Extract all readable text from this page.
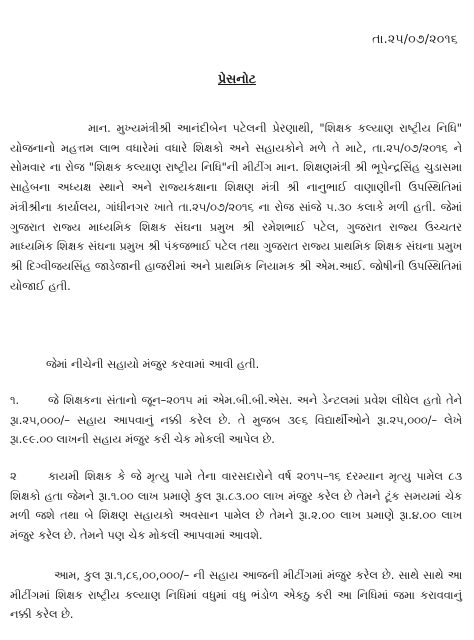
તા.૨૫/૦૭/૨૦૧૬
પ્રેસનોટ

માન. મુખ્યમંત્રીશ્રી આનંદીબેન પટેલની પ્રેરણાથી, "શિક્ષક કલ્યાણ રાષ્ટ્રીય નિધિ" યોજનાનો મહત્તમ લાભ વધારેમાં વધારે શિક્ષકો અને સહાયકોને મળે તે માટે, તા.૨૫/૦૭/૨૦૧૬ ને સોમવાર ના રોજ "શિક્ષક કલ્યાણ રાષ્ટ્રીય નિધિ"ની મીટીંગ માન. શિક્ષણમંત્રી શ્રી ભૂપેન્દ્રસિંહ ચુડાસમા સાહેબના અધ્યક્ષ સ્થાને અને રાજ્યકક્ષાના શિક્ષણ મંત્રી શ્રી નાનુભાઈ વાણાણીની ઉપસ્થિતિમાં મંત્રીશ્રીના કાર્યાલય, ગાંધીનગર ખાતે તા.૨૫/૦૭/૨૦૧૬ ના રોજ સાંજે ૫.૩૦ કલાકે મળી હતી. જેમાં ગુજરાત રાજ્ય માધ્યમિક શિક્ષક સંઘના પ્રમુખ શ્રી રમેશભાઈ પટેલ, ગુજરાત રાજ્ય ઉચ્ચતર માધ્યમિક શિક્ષક સંઘના પ્રમુખ શ્રી પંકજભાઈ પટેલ તથા ગુજરાત રાજ્ય પ્રાથમિક શિક્ષક સંઘના પ્રમુખ શ્રી દિગ્વીજયસિંહ જાડેજાની હાજરીમાં અને પ્રાથમિક નિયામક શ્રી એમ.આઈ. જોષીની ઉપસ્થિતિમાં યોજાઈ હતી.

જેમાં નીચેની સહાયો મંજુર કરવામાં આવી હતી.

૧.	જે શિક્ષકના સંતાનો જૂન–૨૦૧૫ માં એમ.બી.બી.એસ. અને ડેન્ટલમાં પ્રવેશ લીધેલ હતો તેને રૂા.૨૫,૦૦૦/– સહાય આપવાનું નક્કી કરેલ છે. તે મુજબ ૩૯૬ વિદ્યાર્થીઓને રૂા.૨૫,૦૦૦/– લેખે રૂા.૯૯.૦૦ લાખની સહાય મંજુર કરી ચેક મોકલી આપેલ છે.
૨	કાયમી શિક્ષક કે જે મૃત્યુ પામે તેના વારસદારોને વર્ષ ૨૦૧૫–૧૬ દરમ્યાન મૃત્યુ પામેલ ૮૩ શિક્ષકો હતા જેમને રૂા.૧.૦૦ લાખ પ્રમાણે કુલ રૂા.૮૩.૦૦ લાખ મંજુર કરેલ છે તેમને ટૂંક સમયમાં ચેક મળી જશે તથા બે શિક્ષણ સહાયકો અવસાન પામેલ છે તેમને રૂા.૨.૦૦ લાખ પ્રમાણે રૂા.૪.૦૦ લાખ મંજુર કરેલ છે. તેમને પણ ચેક મોકલી આપવામાં આવશે.

આમ, કુલ રૂા.૧,૮૬,૦૦,૦૦૦/– ની સહાય આજની મીટીંગમાં મંજુર કરેલ છે. સાથે સાથે આ મીટીંગમાં શિક્ષક રાષ્ટ્રીય કલ્યાણ નિધિમાં વધુમાં વધુ ભંડોળ એકઠુ કરી આ નિધિમાં જમા કરાવવાનું નક્કી કરેલ છે.
